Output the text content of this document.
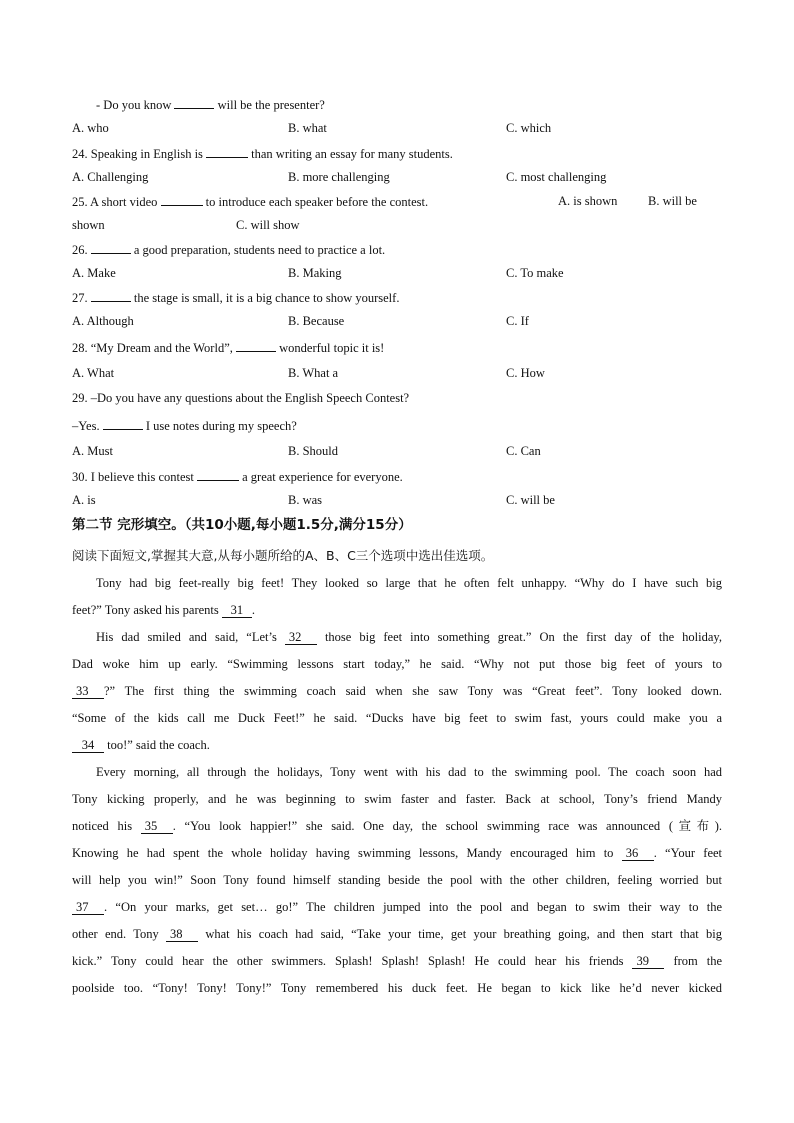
- Do you know	will be the presenter?
A. who	B. what	C. which
24. Speaking in English is	than writing an essay for many students.
A. Challenging	B. more challenging	C. most challenging
25. A short video	to introduce each speaker before the contest.	A. is shown B. will be
shown	C. will show
26.	a good preparation, students need to practice a lot.
A. Make	B. Making	C. To make
27.	the stage is small, it is a big chance to show yourself.
A. Although	B. Because	C. If
28. “My Dream and the World”,	wonderful topic it is!
A. What	B. What a	C. How
29. –Do you have any questions about the English Speech Contest?
–Yes.	I use notes during my speech?
A. Must	B. Should	C. Can
30. I believe this contest	a great experience for everyone.
A. is	B. was	C. will be
第二节 完形填空。（共10小题,每小题1.5分,满分15分）
阅读下面短文,掌握其大意,从每小题所给的A、B、C三个选项中选出佳选项。
Tony had big feet-really big feet! They looked so large that he often felt unhappy. “Why do I have such big
feet?” Tony asked his parents 31 .
His dad smiled and said, “Let’s 32 those big feet into something great.” On the first day of the holiday,
Dad woke him up early. “Swimming lessons start today,” he said. “Why not put those big feet of yours to
33 ?” The first thing the swimming coach said when she saw Tony was “Great feet”. Tony looked down.
“Some of the kids call me Duck Feet!” he said. “Ducks have big feet to swim fast, yours could make you a
34 too!” said the coach.
Every morning, all through the holidays, Tony went with his dad to the swimming pool. The coach soon had
Tony kicking properly, and he was beginning to swim faster and faster. Back at school, Tony’s friend Mandy
noticed his 35 . “You look happier!” she said. One day, the school swimming race was announced (宣布).
Knowing he had spent the whole holiday having swimming lessons, Mandy encouraged him to 36 . “Your feet
will help you win!” Soon Tony found himself standing beside the pool with the other children, feeling worried but
37 . “On your marks, get set… go!” The children jumped into the pool and began to swim their way to the
other end. Tony 38 what his coach had said, “Take your time, get your breathing going, and then start that big
kick.” Tony could hear the other swimmers. Splash! Splash! Splash! He could hear his friends 39 from the
poolside too. “Tony! Tony! Tony!” Tony remembered his duck feet. He began to kick like he’d never kicked
